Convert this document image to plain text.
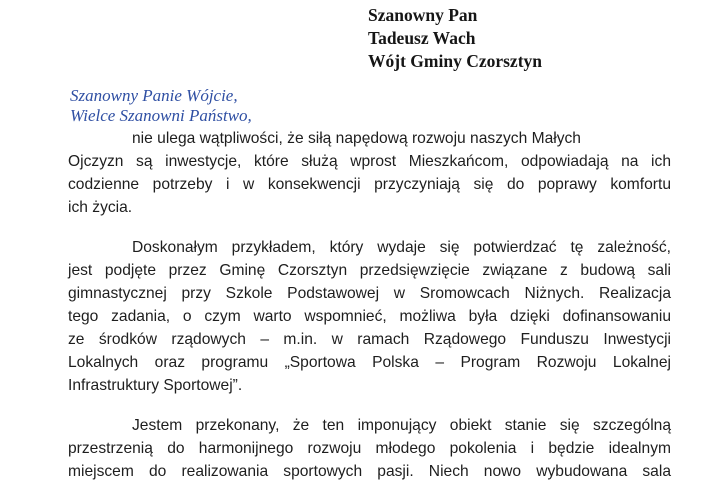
Szanowny Pan
Tadeusz Wach
Wójt Gminy Czorsztyn
Szanowny Panie Wójcie,
Wielce Szanowni Państwo,
nie ulega wątpliwości, że siłą napędową rozwoju naszych Małych
Ojczyzn są inwestycje, które służą wprost Mieszkańcom, odpowiadają na ich
codzienne potrzeby i w konsekwencji przyczyniają się do poprawy komfortu
ich życia.
Doskonałym przykładem, który wydaje się potwierdzać tę zależność,
jest podjęte przez Gminę Czorsztyn przedsięwzięcie związane z budową sali
gimnastycznej przy Szkole Podstawowej w Sromowcach Niżnych. Realizacja
tego zadania, o czym warto wspomnieć, możliwa była dzięki dofinansowaniu
ze środków rządowych – m.in. w ramach Rządowego Funduszu Inwestycji
Lokalnych oraz programu „Sportowa Polska – Program Rozwoju Lokalnej
Infrastruktury Sportowej”.
Jestem przekonany, że ten imponujący obiekt stanie się szczególną
przestrzenią do harmonijnego rozwoju młodego pokolenia i będzie idealnym
miejscem do realizowania sportowych pasji. Niech nowo wybudowana sala
